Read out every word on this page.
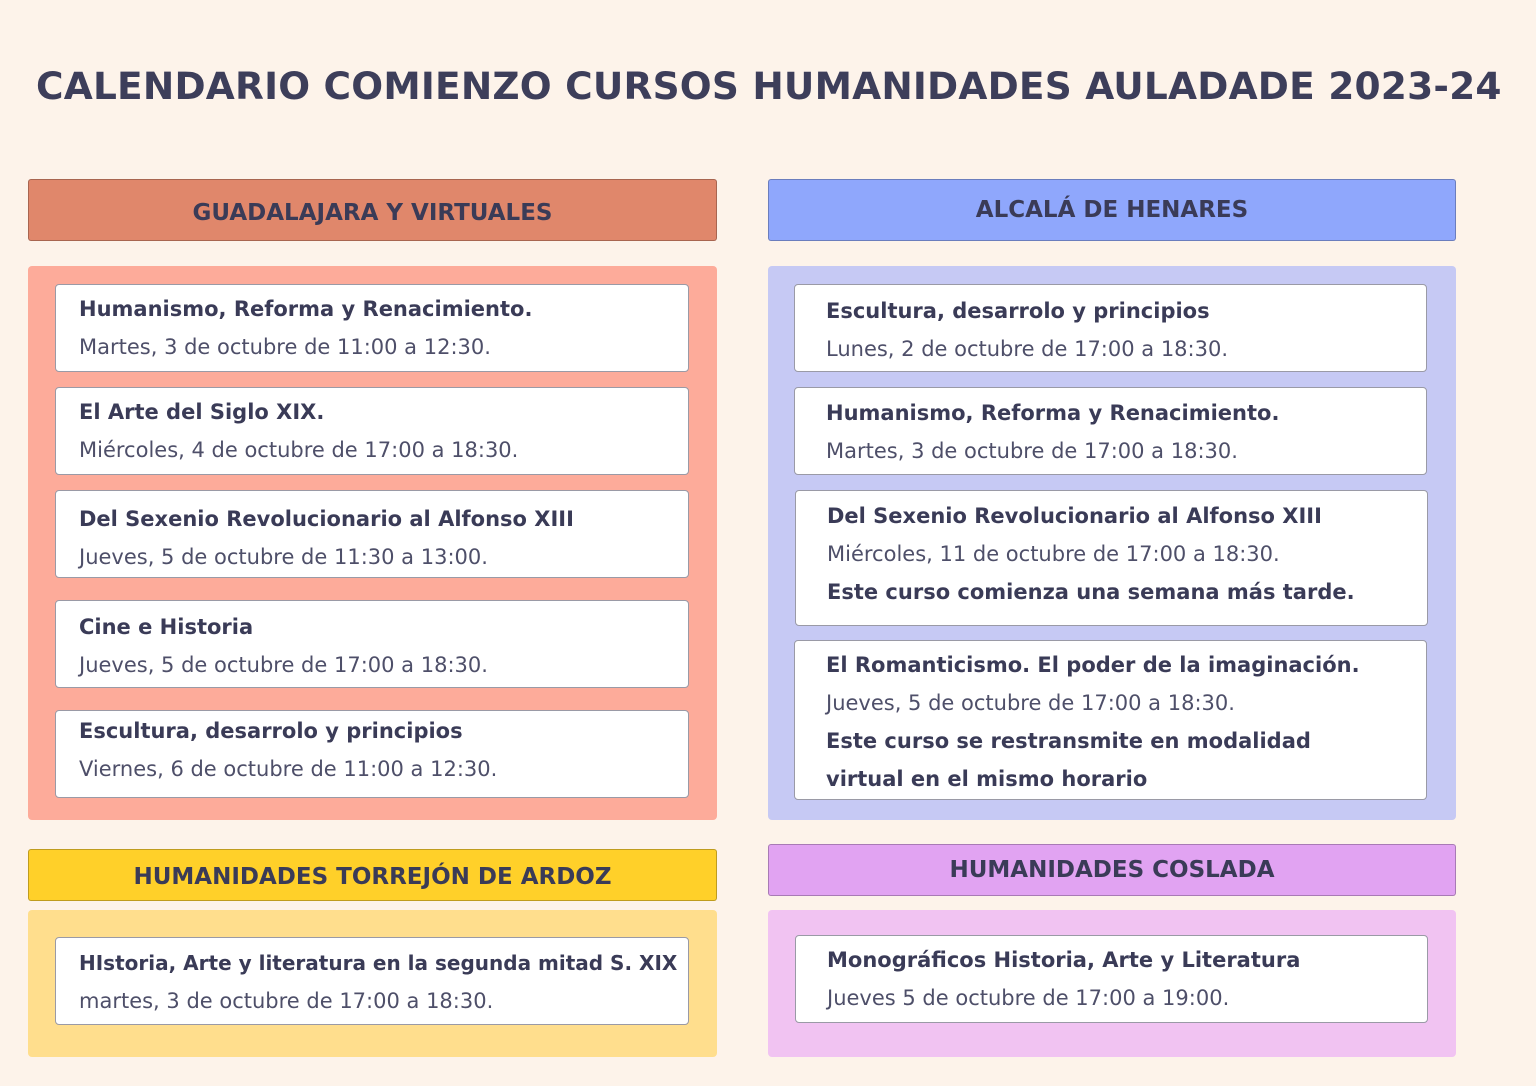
CALENDARIO COMIENZO CURSOS HUMANIDADES AULADADE 2023-24
GUADALAJARA Y VIRTUALES
Humanismo, Reforma y Renacimiento.
Martes, 3 de octubre de 11:00 a 12:30.
El Arte del Siglo XIX.
Miércoles, 4 de octubre de 17:00 a 18:30.
Del Sexenio Revolucionario al Alfonso XIII
Jueves, 5 de octubre de 11:30 a 13:00.
Cine e Historia
Jueves, 5 de octubre de 17:00 a 18:30.
Escultura, desarrolo y principios
Viernes, 6 de octubre de 11:00 a 12:30.
ALCALÁ DE HENARES
Escultura, desarrolo y principios
Lunes, 2 de octubre de 17:00 a 18:30.
Humanismo, Reforma y Renacimiento.
Martes, 3 de octubre de 17:00 a 18:30.
Del Sexenio Revolucionario al Alfonso XIII
Miércoles, 11 de octubre de 17:00 a 18:30.
Este curso comienza una semana más tarde.
El Romanticismo. El poder de la imaginación.
Jueves, 5 de octubre de 17:00 a 18:30.
Este curso se restransmite en modalidad
virtual en el mismo horario
HUMANIDADES TORREJÓN DE ARDOZ
HIstoria, Arte y literatura en la segunda mitad S. XIX
martes, 3 de octubre de 17:00 a 18:30.
HUMANIDADES COSLADA
Monográficos Historia, Arte y Literatura
Jueves 5 de octubre de 17:00 a 19:00.
